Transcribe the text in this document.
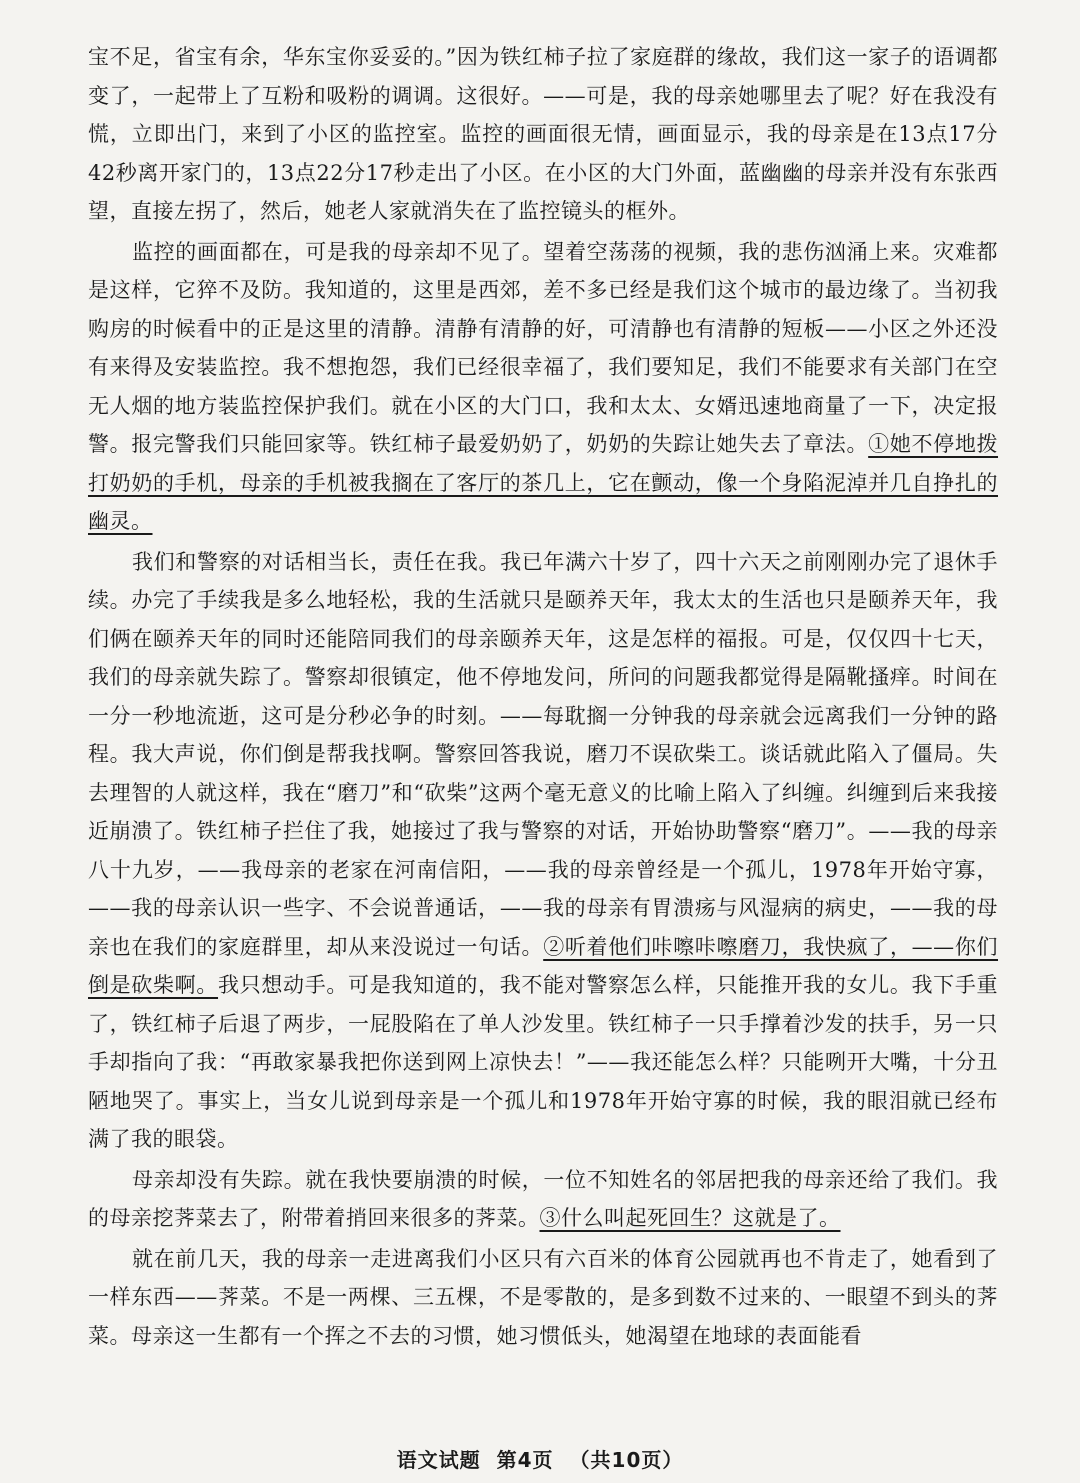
宝不足，省宝有余，华东宝你妥妥的。”因为铁红柿子拉了家庭群的缘故，我们这一家子的语调都变了，一起带上了互粉和吸粉的调调。这很好。——可是，我的母亲她哪里去了呢？好在我没有慌，立即出门，来到了小区的监控室。监控的画面很无情，画面显示，我的母亲是在13点17分42秒离开家门的，13点22分17秒走出了小区。在小区的大门外面，蓝幽幽的母亲并没有东张西望，直接左拐了，然后，她老人家就消失在了监控镜头的框外。

监控的画面都在，可是我的母亲却不见了。望着空荡荡的视频，我的悲伤汹涌上来。灾难都是这样，它猝不及防。我知道的，这里是西郊，差不多已经是我们这个城市的最边缘了。当初我购房的时候看中的正是这里的清静。清静有清静的好，可清静也有清静的短板——小区之外还没有来得及安装监控。我不想抱怨，我们已经很幸福了，我们要知足，我们不能要求有关部门在空无人烟的地方装监控保护我们。就在小区的大门口，我和太太、女婿迅速地商量了一下，决定报警。报完警我们只能回家等。铁红柿子最爱奶奶了，奶奶的失踪让她失去了章法。①她不停地拨打奶奶的手机，母亲的手机被我搁在了客厅的茶几上，它在颤动，像一个身陷泥淖并几自挣扎的幽灵。

我们和警察的对话相当长，责任在我。我已年满六十岁了，四十六天之前刚刚办完了退休手续。办完了手续我是多么地轻松，我的生活就只是颐养天年，我太太的生活也只是颐养天年，我们俩在颐养天年的同时还能陪同我们的母亲颐养天年，这是怎样的福报。可是，仅仅四十七天，我们的母亲就失踪了。警察却很镇定，他不停地发问，所问的问题我都觉得是隔靴搔痒。时间在一分一秒地流逝，这可是分秒必争的时刻。——每耽搁一分钟我的母亲就会远离我们一分钟的路程。我大声说，你们倒是帮我找啊。警察回答我说，磨刀不误砍柴工。谈话就此陷入了僵局。失去理智的人就这样，我在“磨刀”和“砍柴”这两个毫无意义的比喻上陷入了纠缠。纠缠到后来我接近崩溃了。铁红柿子拦住了我，她接过了我与警察的对话，开始协助警察“磨刀”。——我的母亲八十九岁，——我母亲的老家在河南信阳，——我的母亲曾经是一个孤儿，1978年开始守寡，——我的母亲认识一些字、不会说普通话，——我的母亲有胃溃疡与风湿病的病史，——我的母亲也在我们的家庭群里，却从来没说过一句话。②听着他们咔嚓咔嚓磨刀，我快疯了，——你们倒是砍柴啊。我只想动手。可是我知道的，我不能对警察怎么样，只能推开我的女儿。我下手重了，铁红柿子后退了两步，一屁股陷在了单人沙发里。铁红柿子一只手撑着沙发的扶手，另一只手却指向了我：“再敢家暴我把你送到网上凉快去！”——我还能怎么样？只能咧开大嘴，十分丑陋地哭了。事实上，当女儿说到母亲是一个孤儿和1978年开始守寡的时候，我的眼泪就已经布满了我的眼袋。

母亲却没有失踪。就在我快要崩溃的时候，一位不知姓名的邻居把我的母亲还给了我们。我的母亲挖荠菜去了，附带着捎回来很多的荠菜。③什么叫起死回生？这就是了。

就在前几天，我的母亲一走进离我们小区只有六百米的体育公园就再也不肯走了，她看到了一样东西——荠菜。不是一两棵、三五棵，不是零散的，是多到数不过来的、一眼望不到头的荠菜。母亲这一生都有一个挥之不去的习惯，她习惯低头，她渴望在地球的表面能看

语文试题 第4页 （共10页）
